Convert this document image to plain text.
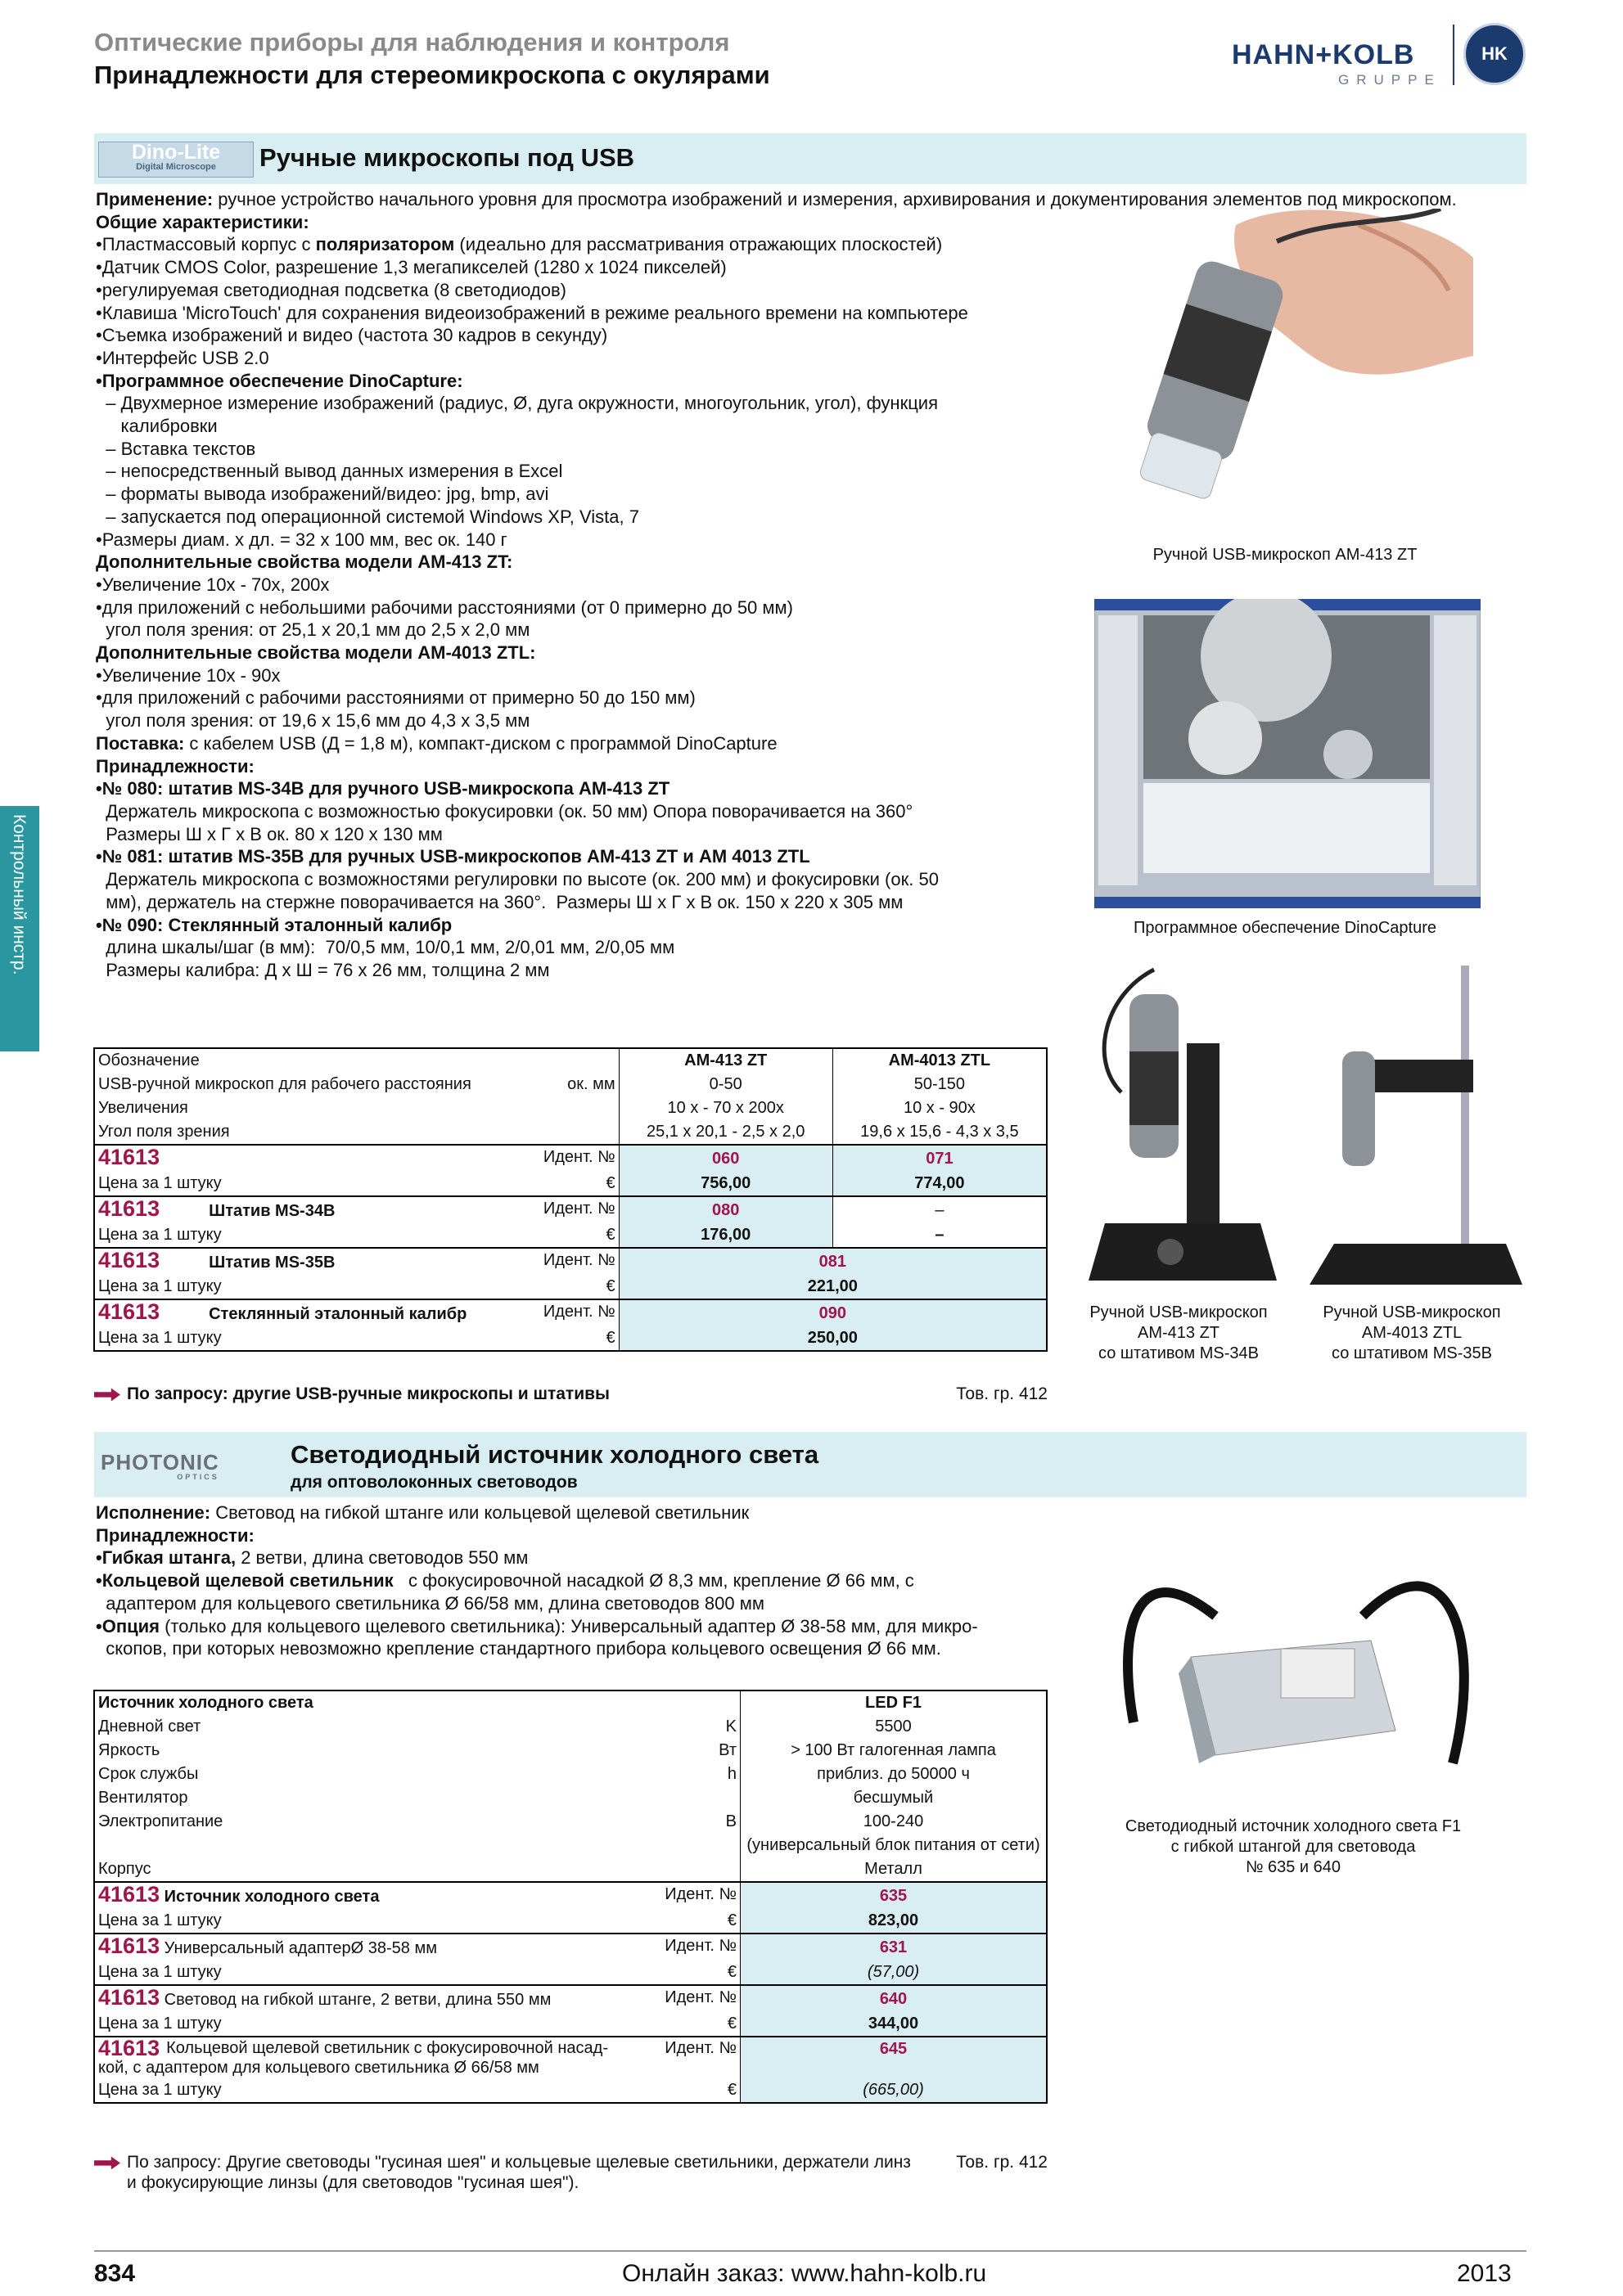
Оптические приборы для наблюдения и контроля
Принадлежности для стереомикроскопа с окулярами
HAHN+KOLB
GRUPPE
HK
Контрольный инстр.
Dino-Lite
Digital Microscope	Ручные микроскопы под USB
Применение: ручное устройство начального уровня для просмотра изображений и измерения, архивирования и документирования элементов под микроскопом.
Общие характеристики:
•Пластмассовый корпус с поляризатором (идеально для рассматривания отражающих плоскостей)
•Датчик CMOS Color, разрешение 1,3 мегапикселей (1280 x 1024 пикселей)
•регулируемая светодиодная подсветка (8 светодиодов)
•Клавиша 'MicroTouch' для сохранения видеоизображений в режиме реального времени на компьютере
•Съемка изображений и видео (частота 30 кадров в секунду)
•Интерфейс USB 2.0
•Программное обеспечение DinoCapture:
– Двухмерное измерение изображений (радиус, Ø, дуга окружности, многоугольник, угол), функция
калибровки
– Вставка текстов
– непосредственный вывод данных измерения в Excel
– форматы вывода изображений/видео: jpg, bmp, avi
– запускается под операционной системой Windows XP, Vista, 7
•Размеры диам. x дл. = 32 x 100 мм, вес ок. 140 г
Дополнительные свойства модели AM-413 ZT:
•Увеличение 10x - 70x, 200x
•для приложений с небольшими рабочими расстояниями (от 0 примерно до 50 мм)
угол поля зрения: от 25,1 x 20,1 мм до 2,5 x 2,0 мм
Дополнительные свойства модели AM-4013 ZTL:
•Увеличение 10x - 90x
•для приложений с рабочими расстояниями от примерно 50 до 150 мм)
угол поля зрения: от 19,6 x 15,6 мм до 4,3 x 3,5 мм
Поставка: с кабелем USB (Д = 1,8 м), компакт-диском с программой DinoCapture
Принадлежности:
•№ 080: штатив MS-34B для ручного USB-микроскопа AM-413 ZT
Держатель микроскопа с возможностью фокусировки (ок. 50 мм) Опора поворачивается на 360°
Размеры Ш x Г x В ок. 80 x 120 x 130 мм
•№ 081: штатив MS-35B для ручных USB-микроскопов AM-413 ZT и AM 4013 ZTL
Держатель микроскопа с возможностями регулировки по высоте (ок. 200 мм) и фокусировки (ок. 50
мм), держатель на стержне поворачивается на 360°.  Размеры Ш x Г x В ок. 150 x 220 x 305 мм
•№ 090: Стеклянный эталонный калибр
длина шкалы/шаг (в мм):  70/0,5 мм, 10/0,1 мм, 2/0,01 мм, 2/0,05 мм
Размеры калибра: Д x Ш = 76 x 26 мм, толщина 2 мм
Ручной USB-микроскоп AM-413 ZT
Программное обеспечение DinoCapture
Ручной USB-микроскоп
AM-413 ZT
со штативом MS-34B
Ручной USB-микроскоп
AM-4013 ZTL
со штативом MS-35B
Обозначение	AM-413 ZT	AM-4013 ZTL
USB-ручной микроскоп для рабочего расстояния ок. мм	0-50	50-150
Увеличения	10 x - 70 x 200x	10 x - 90x
Угол поля зрения	25,1 x 20,1 - 2,5 x 2,0	19,6 x 15,6 - 4,3 x 3,5
41613 Идент. №	060	071
Цена за 1 штуку €	756,00	774,00
41613 Штатив MS-34B Идент. №	080	–
Цена за 1 штуку €	176,00	–
41613 Штатив MS-35B Идент. №	081	
Цена за 1 штуку €	221,00	
41613 Стеклянный эталонный калибр Идент. №	090	
Цена за 1 штуку €	250,00	
По запросу: другие USB-ручные микроскопы и штативы	Тов. гр. 412
PHOTONIC
OPTICS
Светодиодный источник холодного света
для оптоволоконных световодов
Исполнение: Световод на гибкой штанге или кольцевой щелевой светильник
Принадлежности:
•Гибкая штанга, 2 ветви, длина световодов 550 мм
•Кольцевой щелевой светильник   с фокусировочной насадкой Ø 8,3 мм, крепление Ø 66 мм, с
адаптером для кольцевого светильника Ø 66/58 мм, длина световодов 800 мм
•Опция (только для кольцевого щелевого светильника): Универсальный адаптер Ø 38-58 мм, для микро-
скопов, при которых невозможно крепление стандартного прибора кольцевого освещения Ø 66 мм.
Светодиодный источник холодного света F1
с гибкой штангой для световода
№ 635 и 640
Источник холодного света	LED F1
Дневной свет K	5500
Яркость Вт	> 100 Вт галогенная лампа
Срок службы h	приблиз. до 50000 ч
Вентилятор	бесшумый
Электропитание В	100-240
	(универсальный блок питания от сети)
Корпус	Металл
41613 Источник холодного света Идент. №	635
Цена за 1 штуку €	823,00
41613 Универсальный адаптерØ 38-58 мм Идент. №	631
Цена за 1 штуку €	(57,00)
41613 Световод на гибкой штанге, 2 ветви, длина 550 мм Идент. №	640
Цена за 1 штуку €	344,00

41613 Идент. №
Кольцевой щелевой светильник с фокусировочной насад-
кой, с адаптером для кольцевого светильника Ø 66/58 мм	645
Цена за 1 штуку €	(665,00)
По запросу: Другие световоды "гусиная шея" и кольцевые щелевые светильники, держатели линз	Тов. гр. 412

и фокусирующие линзы (для световодов "гусиная шея").
834	Онлайн заказ: www.hahn-kolb.ru	2013
